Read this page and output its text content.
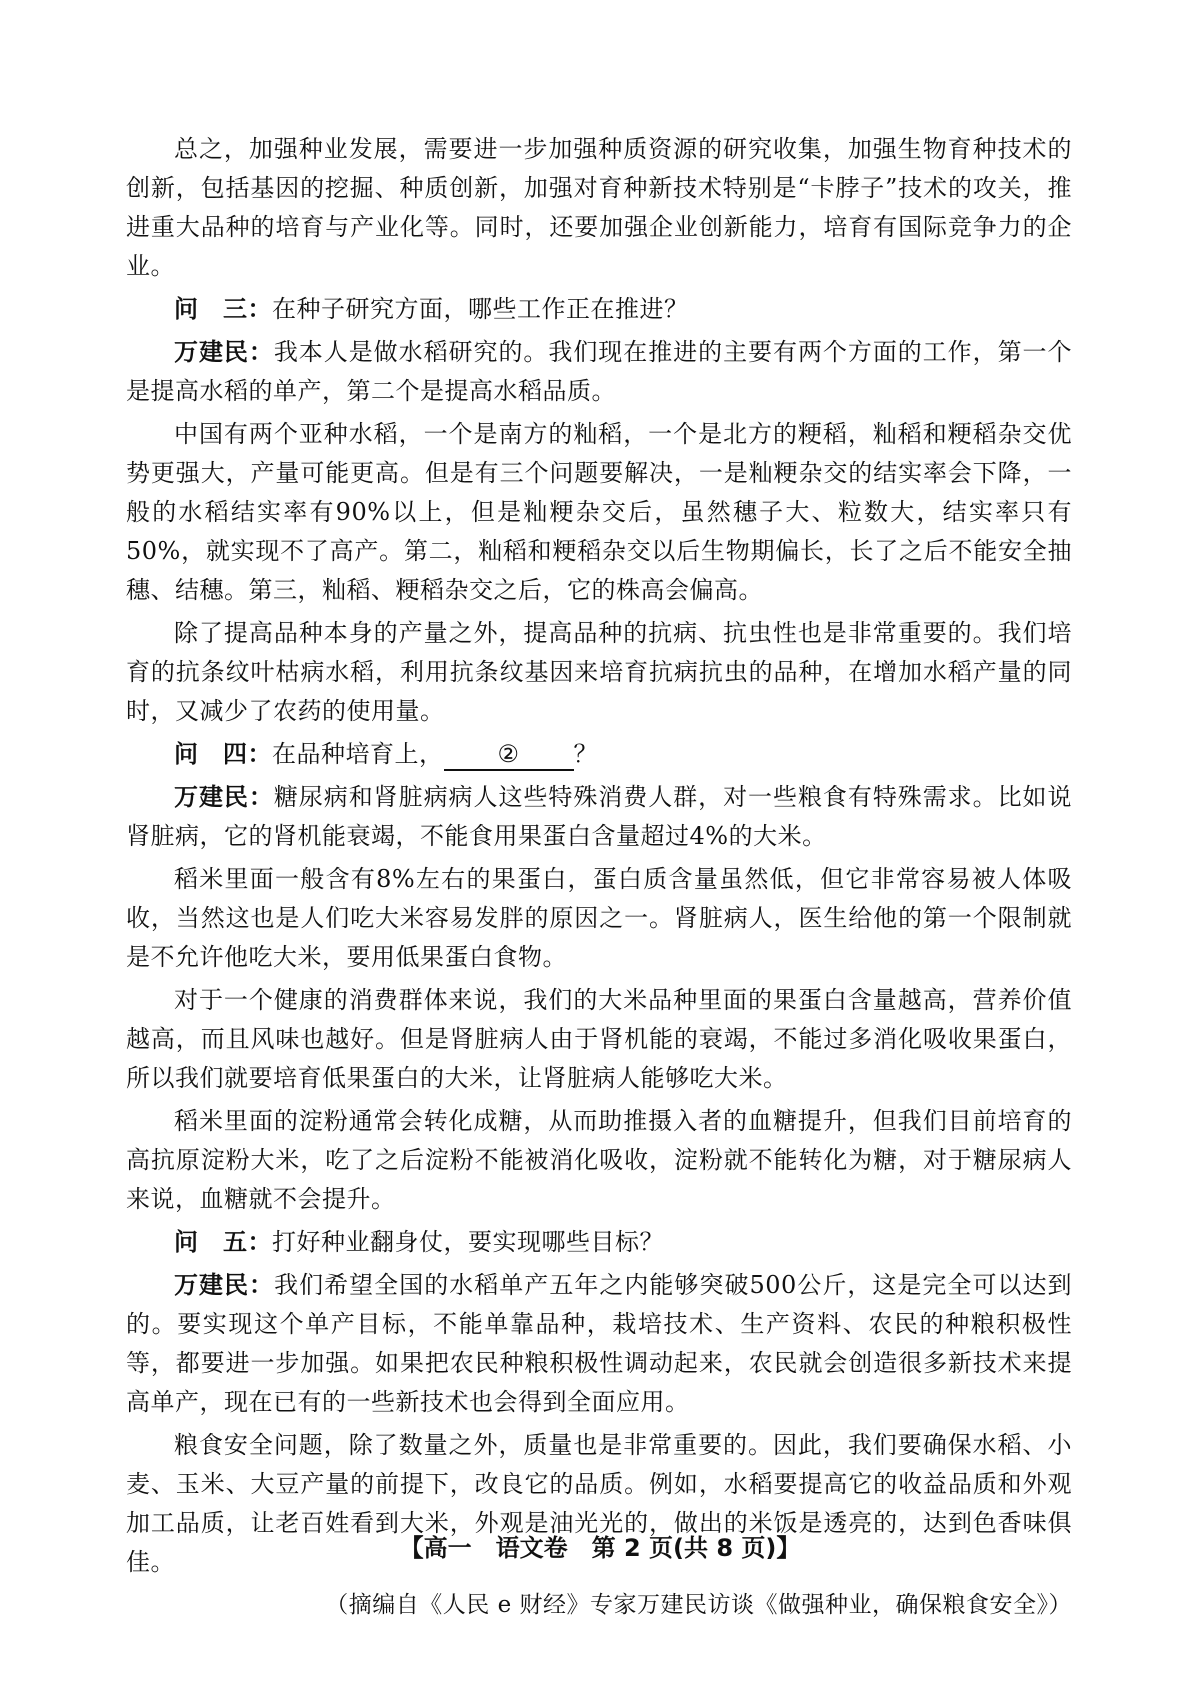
总之，加强种业发展，需要进一步加强种质资源的研究收集，加强生物育种技术的创新，包括基因的挖掘、种质创新，加强对育种新技术特别是“卡脖子”技术的攻关，推进重大品种的培育与产业化等。同时，还要加强企业创新能力，培育有国际竞争力的企业。

问　三：在种子研究方面，哪些工作正在推进？

万建民：我本人是做水稻研究的。我们现在推进的主要有两个方面的工作，第一个是提高水稻的单产，第二个是提高水稻品质。

中国有两个亚种水稻，一个是南方的籼稻，一个是北方的粳稻，籼稻和粳稻杂交优势更强大，产量可能更高。但是有三个问题要解决，一是籼粳杂交的结实率会下降，一般的水稻结实率有90%以上，但是籼粳杂交后，虽然穗子大、粒数大，结实率只有50%，就实现不了高产。第二，籼稻和粳稻杂交以后生物期偏长，长了之后不能安全抽穗、结穗。第三，籼稻、粳稻杂交之后，它的株高会偏高。

除了提高品种本身的产量之外，提高品种的抗病、抗虫性也是非常重要的。我们培育的抗条纹叶枯病水稻，利用抗条纹基因来培育抗病抗虫的品种，在增加水稻产量的同时，又减少了农药的使用量。

问　四：在品种培育上， ② ？

万建民：糖尿病和肾脏病病人这些特殊消费人群，对一些粮食有特殊需求。比如说肾脏病，它的肾机能衰竭，不能食用果蛋白含量超过4%的大米。

稻米里面一般含有8%左右的果蛋白，蛋白质含量虽然低，但它非常容易被人体吸收，当然这也是人们吃大米容易发胖的原因之一。肾脏病人，医生给他的第一个限制就是不允许他吃大米，要用低果蛋白食物。

对于一个健康的消费群体来说，我们的大米品种里面的果蛋白含量越高，营养价值越高，而且风味也越好。但是肾脏病人由于肾机能的衰竭，不能过多消化吸收果蛋白，所以我们就要培育低果蛋白的大米，让肾脏病人能够吃大米。

稻米里面的淀粉通常会转化成糖，从而助推摄入者的血糖提升，但我们目前培育的高抗原淀粉大米，吃了之后淀粉不能被消化吸收，淀粉就不能转化为糖，对于糖尿病人来说，血糖就不会提升。

问　五：打好种业翻身仗，要实现哪些目标？

万建民：我们希望全国的水稻单产五年之内能够突破500公斤，这是完全可以达到的。要实现这个单产目标，不能单靠品种，栽培技术、生产资料、农民的种粮积极性等，都要进一步加强。如果把农民种粮积极性调动起来，农民就会创造很多新技术来提高单产，现在已有的一些新技术也会得到全面应用。

粮食安全问题，除了数量之外，质量也是非常重要的。因此，我们要确保水稻、小麦、玉米、大豆产量的前提下，改良它的品质。例如，水稻要提高它的收益品质和外观加工品质，让老百姓看到大米，外观是油光光的，做出的米饭是透亮的，达到色香味俱佳。

（摘编自《人民 e 财经》专家万建民访谈《做强种业，确保粮食安全》）

【高一　语文卷　第 2 页(共 8 页)】
